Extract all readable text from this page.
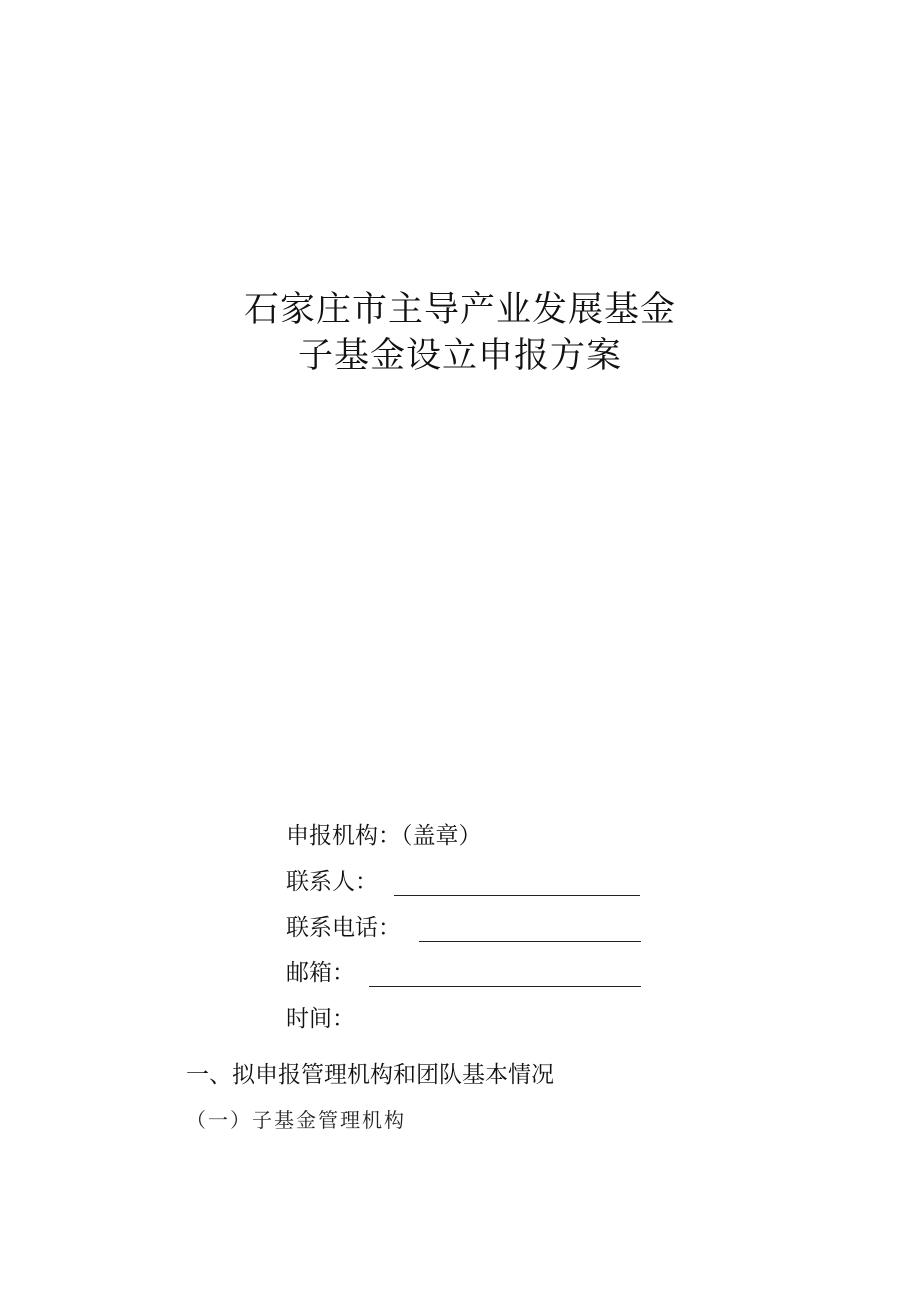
石家庄市主导产业发展基金
子基金设立申报方案
申报机构：（盖章）
联系人：
联系电话：
邮箱：
时间：
一、拟申报管理机构和团队基本情况
（一）子基金管理机构
